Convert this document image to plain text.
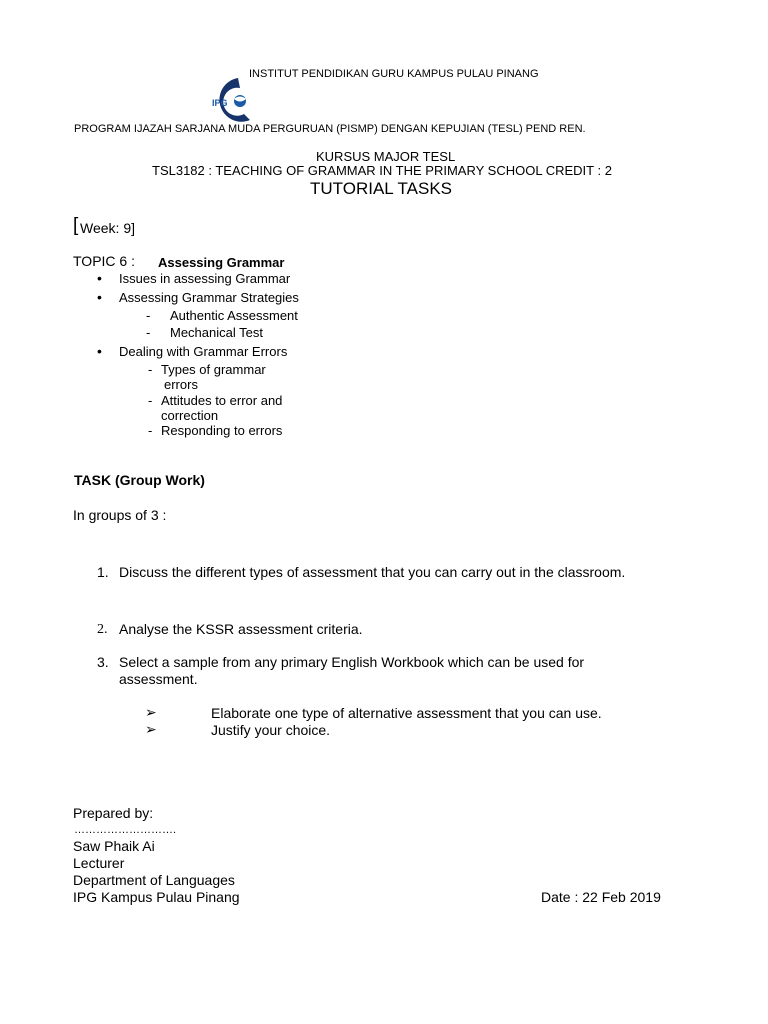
IPG
INSTITUT PENDIDIKAN GURU KAMPUS PULAU PINANG
PROGRAM IJAZAH SARJANA MUDA PERGURUAN (PISMP) DENGAN KEPUJIAN (TESL) PEND REN.
KURSUS MAJOR TESL
TSL3182 : TEACHING OF GRAMMAR IN THE PRIMARY SCHOOL CREDIT : 2
TUTORIAL TASKS
[ Week: 9]
TOPIC 6 : Assessing Grammar
• Issues in assessing Grammar
• Assessing Grammar Strategies
- Authentic Assessment
- Mechanical Test
• Dealing with Grammar Errors
- Types of grammar
errors
- Attitudes to error and
correction
- Responding to errors
TASK (Group Work)
In groups of 3 :
1. Discuss the different types of assessment that you can carry out in the classroom.
2. Analyse the KSSR assessment criteria.
3. Select a sample from any primary English Workbook which can be used for
assessment.
➢	Elaborate one type of alternative assessment that you can use.
➢	Justify your choice.
Prepared by:
……………………….
Saw Phaik Ai
Lecturer
Department of Languages
IPG Kampus Pulau Pinang	Date : 22 Feb 2019
